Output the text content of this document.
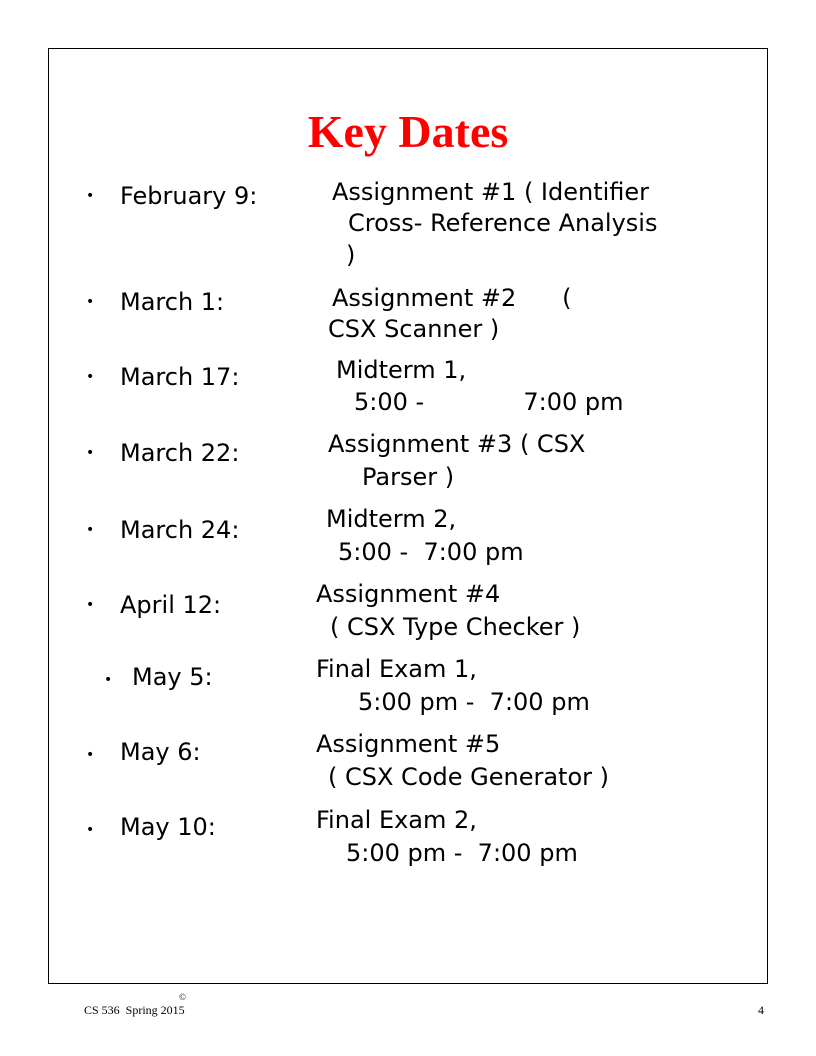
Key Dates
• February 9:	Assignment #1 ( Identifier
Cross- Reference Analysis
)
• March 1:	Assignment #2      (
CSX Scanner )
• March 17:	Midterm 1,
5:00 -             7:00 pm
• March 22:	Assignment #3 ( CSX
Parser )
• March 24:	Midterm 2,
5:00 -  7:00 pm
• April 12:	Assignment #4
( CSX Type Checker )
• May 5:	Final Exam 1,
5:00 pm -  7:00 pm
• May 6:	Assignment #5
( CSX Code Generator )
• May 10:	Final Exam 2,
5:00 pm -  7:00 pm
CS 536  Spring 2015
©
4
